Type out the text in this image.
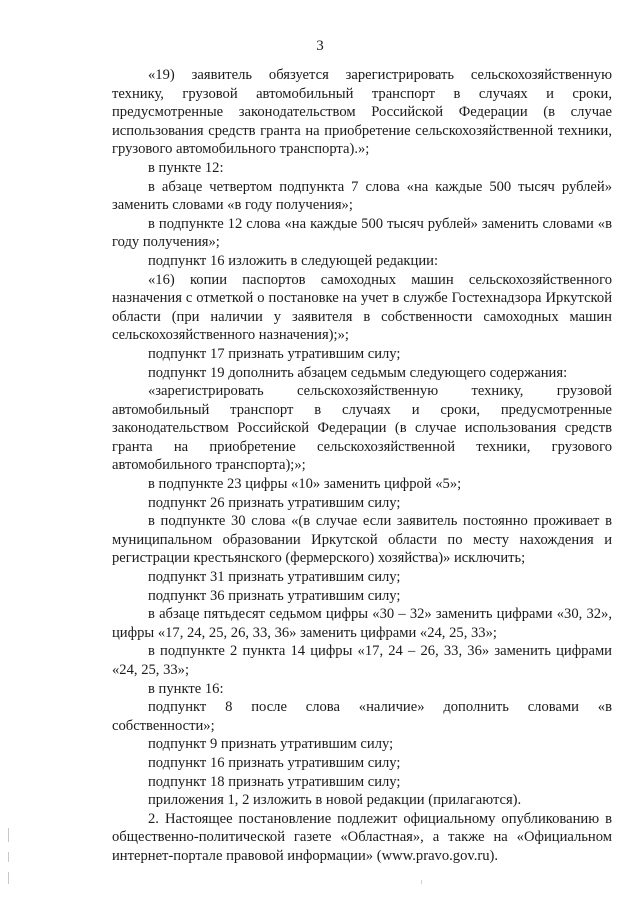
3

«19) заявитель обязуется зарегистрировать сельскохозяйственную технику, грузовой автомобильный транспорт в случаях и сроки, предусмотренные законодательством Российской Федерации (в случае использования средств гранта на приобретение сельскохозяйственной техники, грузового автомобильного транспорта).»;

в пункте 12:

в абзаце четвертом подпункта 7 слова «на каждые 500 тысяч рублей» заменить словами «в году получения»;

в подпункте 12 слова «на каждые 500 тысяч рублей» заменить словами «в году получения»;

подпункт 16 изложить в следующей редакции:

«16) копии паспортов самоходных машин сельскохозяйственного назначения с отметкой о постановке на учет в службе Гостехнадзора Иркутской области (при наличии у заявителя в собственности самоходных машин сельскохозяйственного назначения);»;

подпункт 17 признать утратившим силу;

подпункт 19 дополнить абзацем седьмым следующего содержания:

«зарегистрировать сельскохозяйственную технику, грузовой автомобильный транспорт в случаях и сроки, предусмотренные законодательством Российской Федерации (в случае использования средств гранта на приобретение сельскохозяйственной техники, грузового автомобильного транспорта);»;

в подпункте 23 цифры «10» заменить цифрой «5»;

подпункт 26 признать утратившим силу;

в подпункте 30 слова «(в случае если заявитель постоянно проживает в муниципальном образовании Иркутской области по месту нахождения и регистрации крестьянского (фермерского) хозяйства)» исключить;

подпункт 31 признать утратившим силу;

подпункт 36 признать утратившим силу;

в абзаце пятьдесят седьмом цифры «30 – 32» заменить цифрами «30, 32», цифры «17, 24, 25, 26, 33, 36» заменить цифрами «24, 25, 33»;

в подпункте 2 пункта 14 цифры «17, 24 – 26, 33, 36» заменить цифрами «24, 25, 33»;

в пункте 16:

подпункт 8 после слова «наличие» дополнить словами «в собственности»;

подпункт 9 признать утратившим силу;

подпункт 16 признать утратившим силу;

подпункт 18 признать утратившим силу;

приложения 1, 2 изложить в новой редакции (прилагаются).

2. Настоящее постановление подлежит официальному опубликованию в общественно-политической газете «Областная», а также на «Официальном интернет-портале правовой информации» (www.pravo.gov.ru).
